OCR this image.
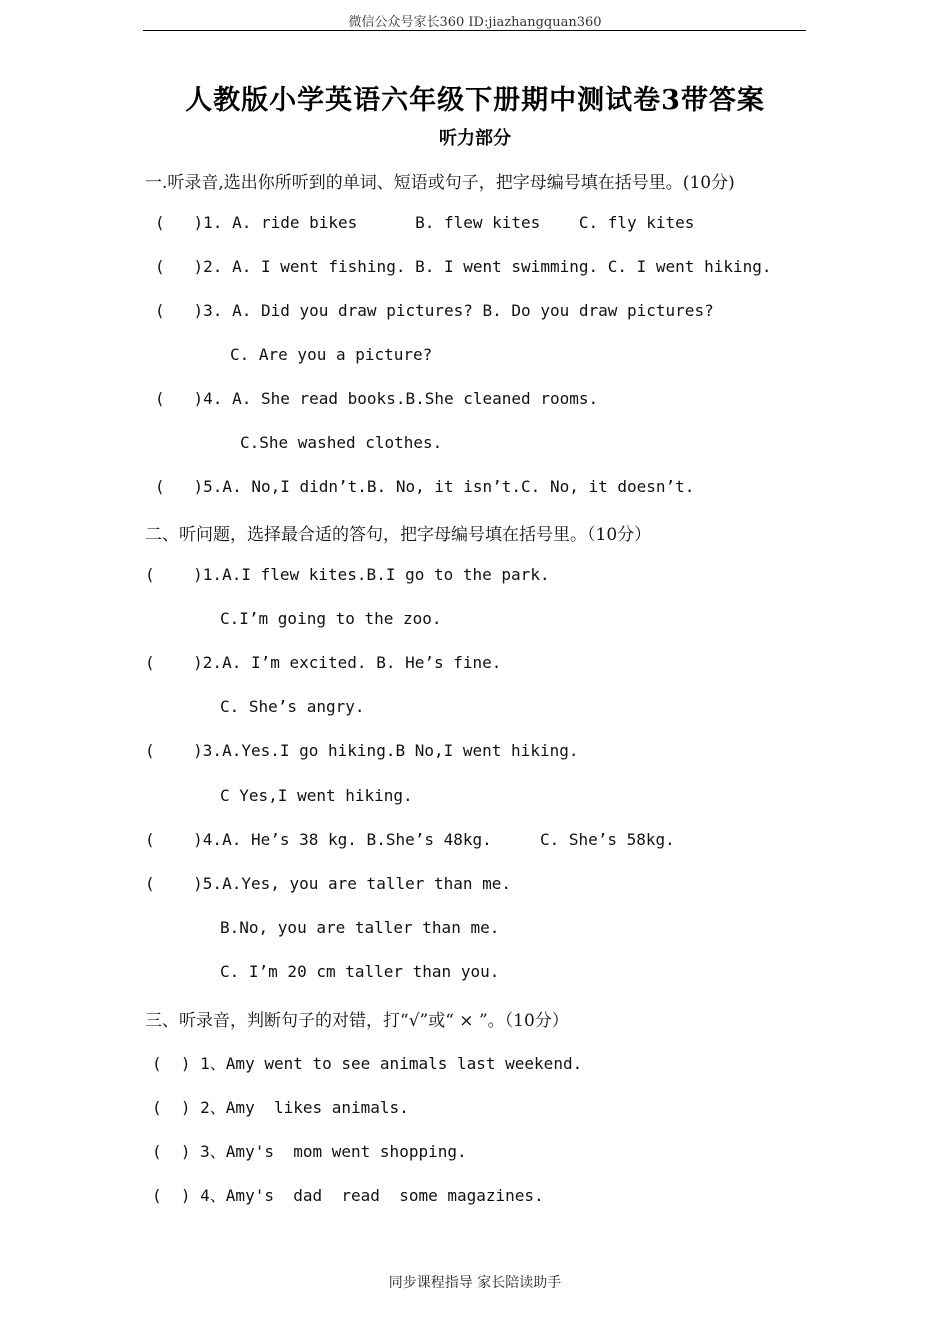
微信公众号家长360 ID:jiazhangquan360
人教版小学英语六年级下册期中测试卷3带答案
听力部分
一.听录音,选出你所听到的单词、短语或句子，把字母编号填在括号里。(10分)
(   )1. A. ride bikes      B. flew kites    C. fly kites
(   )2. A. I went fishing. B. I went swimming. C. I went hiking.
(   )3. A. Did you draw pictures? B. Do you draw pictures?
C. Are you a picture?
(   )4. A. She read books.B.She cleaned rooms.
C.She washed clothes.
(   )5.A. No,I didn’t.B. No, it isn’t.C. No, it doesn’t.
二、听问题，选择最合适的答句，把字母编号填在括号里。（10分）
(    )1.A.I flew kites.B.I go to the park.
C.I’m going to the zoo.
(    )2.A. I’m excited. B. He’s fine.
C. She’s angry.
(    )3.A.Yes.I go hiking.B No,I went hiking.
C Yes,I went hiking.
(    )4.A. He’s 38 kg. B.She’s 48kg.     C. She’s 58kg.
(    )5.A.Yes, you are taller than me.
B.No, you are taller than me.
C. I’m 20 cm taller than you.
三、听录音，判断句子的对错，打“√”或“ × ”。（10分）
(  ) 1、Amy went to see animals last weekend.
(  ) 2、Amy  likes animals.
(  ) 3、Amy's  mom went shopping.
(  ) 4、Amy's  dad  read  some magazines.
同步课程指导 家长陪读助手
